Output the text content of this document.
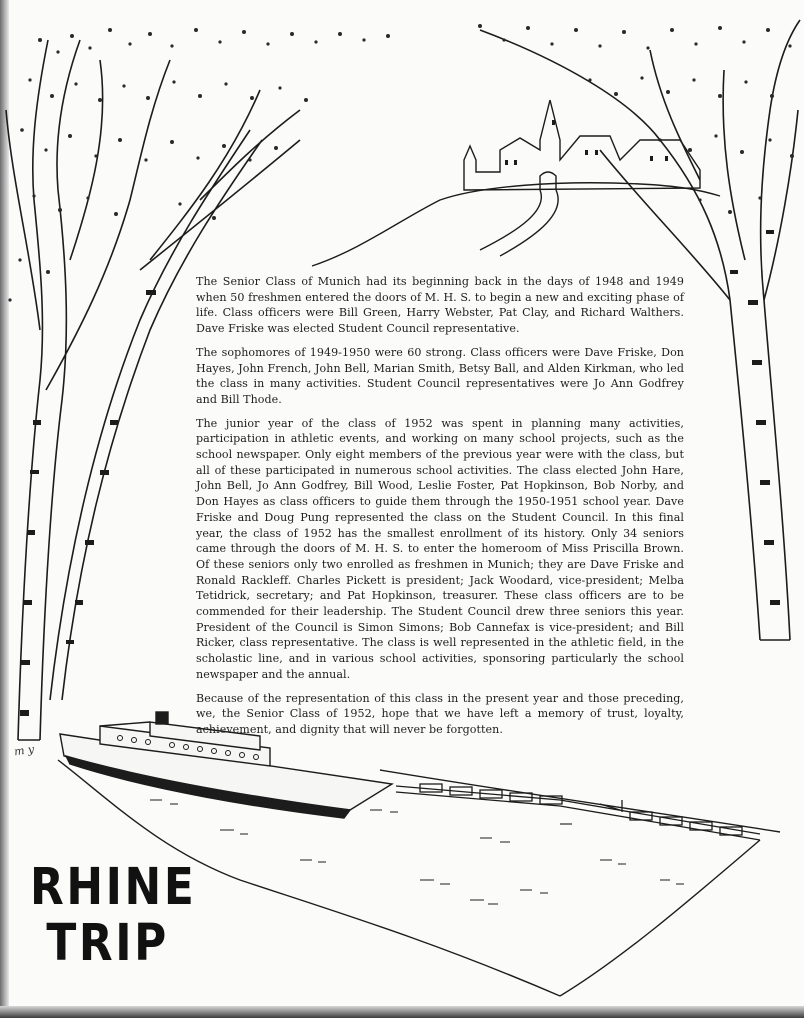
The Senior Class of Munich had its beginning back in the days of 1948 and 1949 when 50 freshmen entered the doors of M. H. S. to begin a new and exciting phase of life. Class officers were Bill Green, Harry Webster, Pat Clay, and Richard Walthers. Dave Friske was elected Student Council representative.

The sophomores of 1949-1950 were 60 strong. Class officers were Dave Friske, Don Hayes, John French, John Bell, Marian Smith, Betsy Ball, and Alden Kirkman, who led the class in many activities. Student Council representatives were Jo Ann Godfrey and Bill Thode.

The junior year of the class of 1952 was spent in planning many activities, participation in athletic events, and working on many school projects, such as the school newspaper. Only eight members of the previous year were with the class, but all of these participated in numerous school activities. The class elected John Hare, John Bell, Jo Ann Godfrey, Bill Wood, Leslie Foster, Pat Hopkinson, Bob Norby, and Don Hayes as class officers to guide them through the 1950-1951 school year. Dave Friske and Doug Pung represented the class on the Student Council. In this final year, the class of 1952 has the smallest enrollment of its history. Only 34 seniors came through the doors of M. H. S. to enter the homeroom of Miss Priscilla Brown. Of these seniors only two enrolled as freshmen in Munich; they are Dave Friske and Ronald Rackleff. Charles Pickett is president; Jack Woodard, vice-president; Melba Tetidrick, secretary; and Pat Hopkinson, treasurer. These class officers are to be commended for their leadership. The Student Council drew three seniors this year. President of the Council is Simon Simons; Bob Cannefax is vice-president; and Bill Ricker, class representative. The class is well represented in the athletic field, in the scholastic line, and in various school activities, sponsoring particularly the school newspaper and the annual.

Because of the representation of this class in the present year and those preceding, we, the Senior Class of 1952, hope that we have left a memory of trust, loyalty, achievement, and dignity that will never be forgotten.

m y
RHINE
TRIP
